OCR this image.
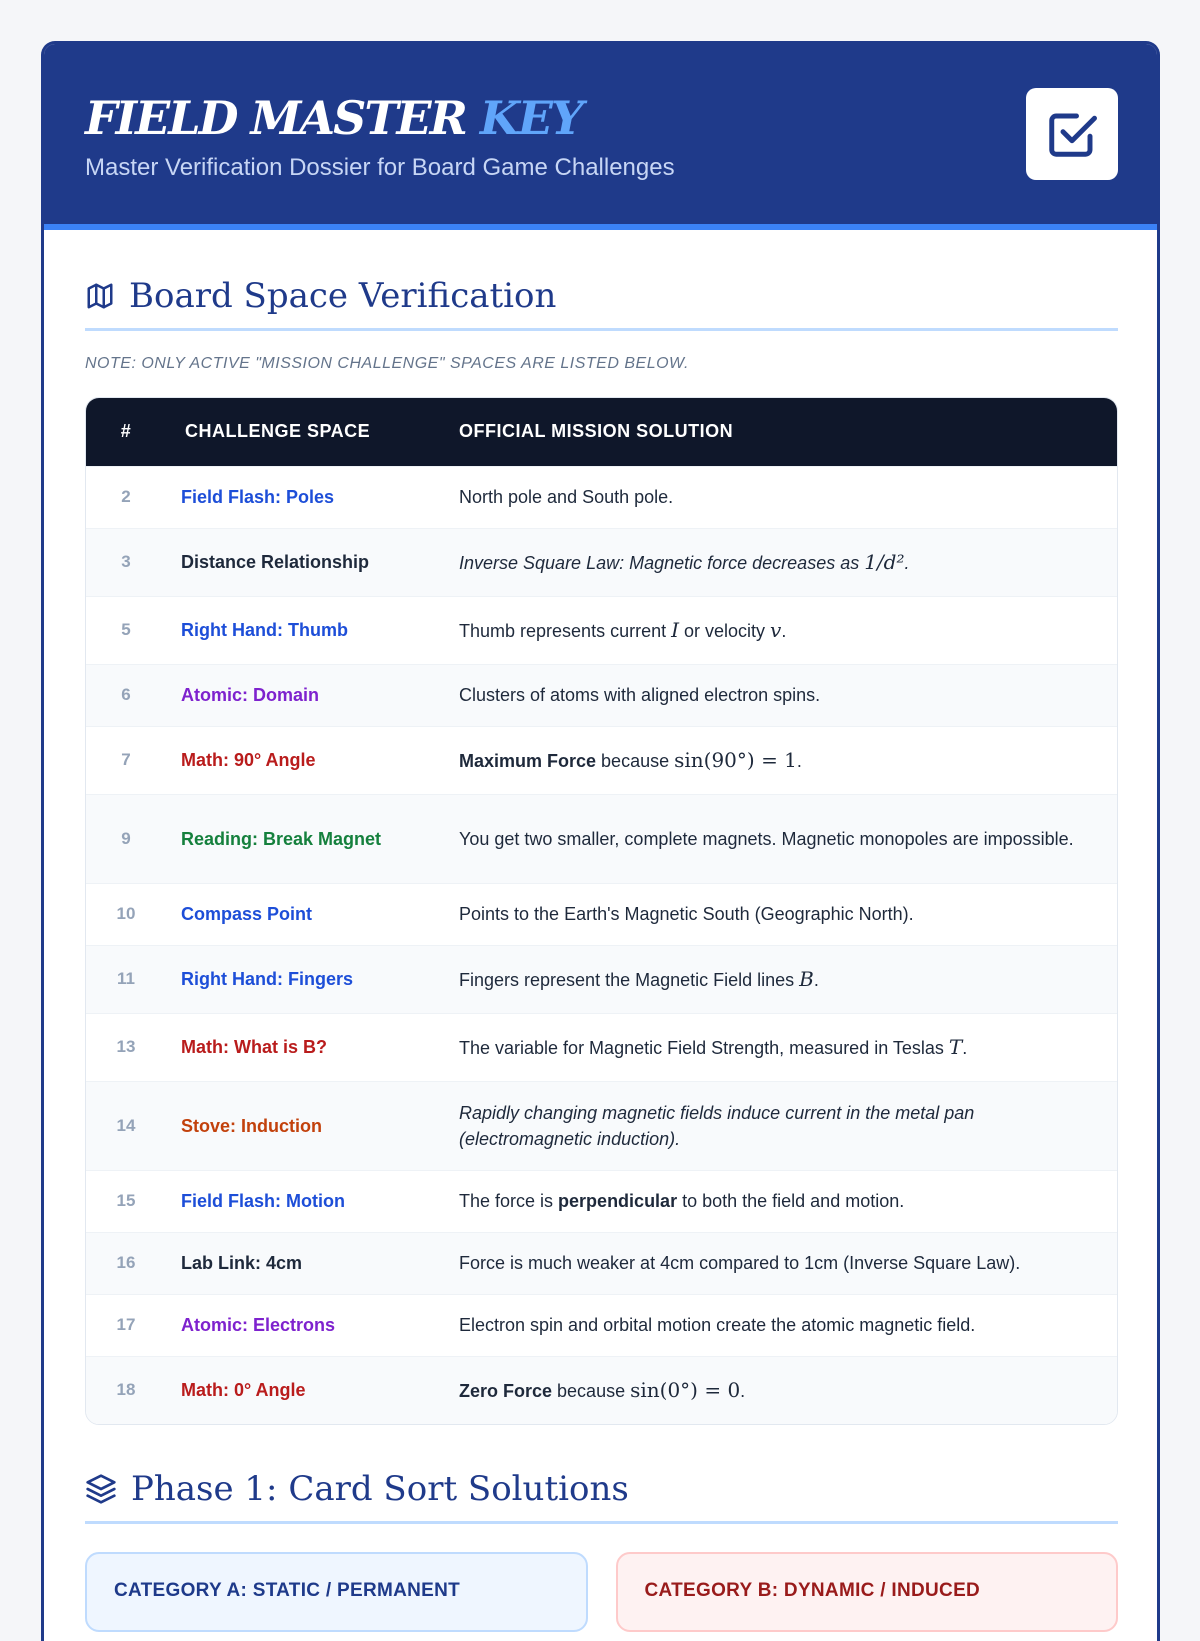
FIELD MASTER KEY
Master Verification Dossier for Board Game Challenges
Board Space Verification
NOTE: ONLY ACTIVE "MISSION CHALLENGE" SPACES ARE LISTED BELOW.
#	CHALLENGE SPACE	OFFICIAL MISSION SOLUTION
2	Field Flash: Poles	North pole and South pole.
3	Distance Relationship	Inverse Square Law: Magnetic force decreases as 1/d².
5	Right Hand: Thumb	Thumb represents current I or velocity v.
6	Atomic: Domain	Clusters of atoms with aligned electron spins.
7	Math: 90° Angle	Maximum Force because sin(90°) = 1.
9	Reading: Break Magnet	You get two smaller, complete magnets. Magnetic monopoles are impossible.
10	Compass Point	Points to the Earth's Magnetic South (Geographic North).
11	Right Hand: Fingers	Fingers represent the Magnetic Field lines B.
13	Math: What is B?	The variable for Magnetic Field Strength, measured in Teslas T.
14	Stove: Induction	Rapidly changing magnetic fields induce current in the metal pan (electromagnetic induction).
15	Field Flash: Motion	The force is perpendicular to both the field and motion.
16	Lab Link: 4cm	Force is much weaker at 4cm compared to 1cm (Inverse Square Law).
17	Atomic: Electrons	Electron spin and orbital motion create the atomic magnetic field.
18	Math: 0° Angle	Zero Force because sin(0°) = 0.
Phase 1: Card Sort Solutions
CATEGORY A: STATIC / PERMANENT	CATEGORY B: DYNAMIC / INDUCED
